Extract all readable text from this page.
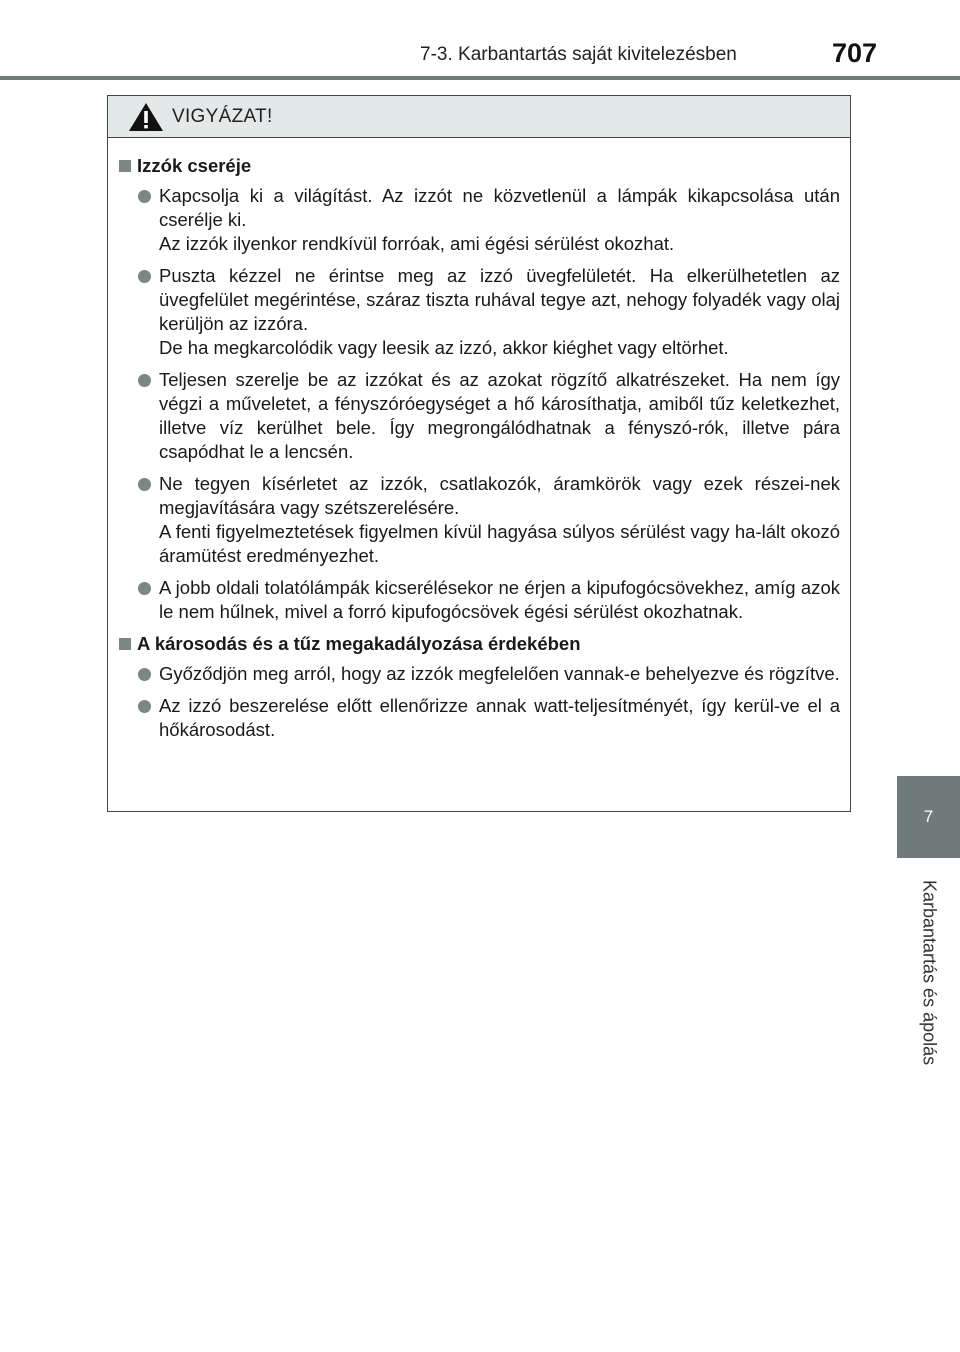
7-3. Karbantartás saját kivitelezésben	707
7
Karbantartás és ápolás
VIGYÁZAT!
Izzók cseréje

Kapcsolja ki a világítást. Az izzót ne közvetlenül a lámpák kikapcsolása után cserélje ki.

Az izzók ilyenkor rendkívül forróak, ami égési sérülést okozhat.

Puszta kézzel ne érintse meg az izzó üvegfelületét. Ha elkerülhetetlen az üvegfelület megérintése, száraz tiszta ruhával tegye azt, nehogy folyadék vagy olaj kerüljön az izzóra.

De ha megkarcolódik vagy leesik az izzó, akkor kiéghet vagy eltörhet.

Teljesen szerelje be az izzókat és az azokat rögzítő alkatrészeket. Ha nem így végzi a műveletet, a fényszóróegységet a hő károsíthatja, amiből tűz keletkezhet, illetve víz kerülhet bele. Így megrongálódhatnak a fényszó-rók, illetve pára csapódhat le a lencsén.

Ne tegyen kísérletet az izzók, csatlakozók, áramkörök vagy ezek részei-nek megjavítására vagy szétszerelésére.

A fenti figyelmeztetések figyelmen kívül hagyása súlyos sérülést vagy ha-lált okozó áramütést eredményezhet.

A jobb oldali tolatólámpák kicserélésekor ne érjen a kipufogócsövekhez, amíg azok le nem hűlnek, mivel a forró kipufogócsövek égési sérülést okozhatnak.

A károsodás és a tűz megakadályozása érdekében

Győződjön meg arról, hogy az izzók megfelelően vannak-e behelyezve és rögzítve.

Az izzó beszerelése előtt ellenőrizze annak watt-teljesítményét, így kerül-ve el a hőkárosodást.
